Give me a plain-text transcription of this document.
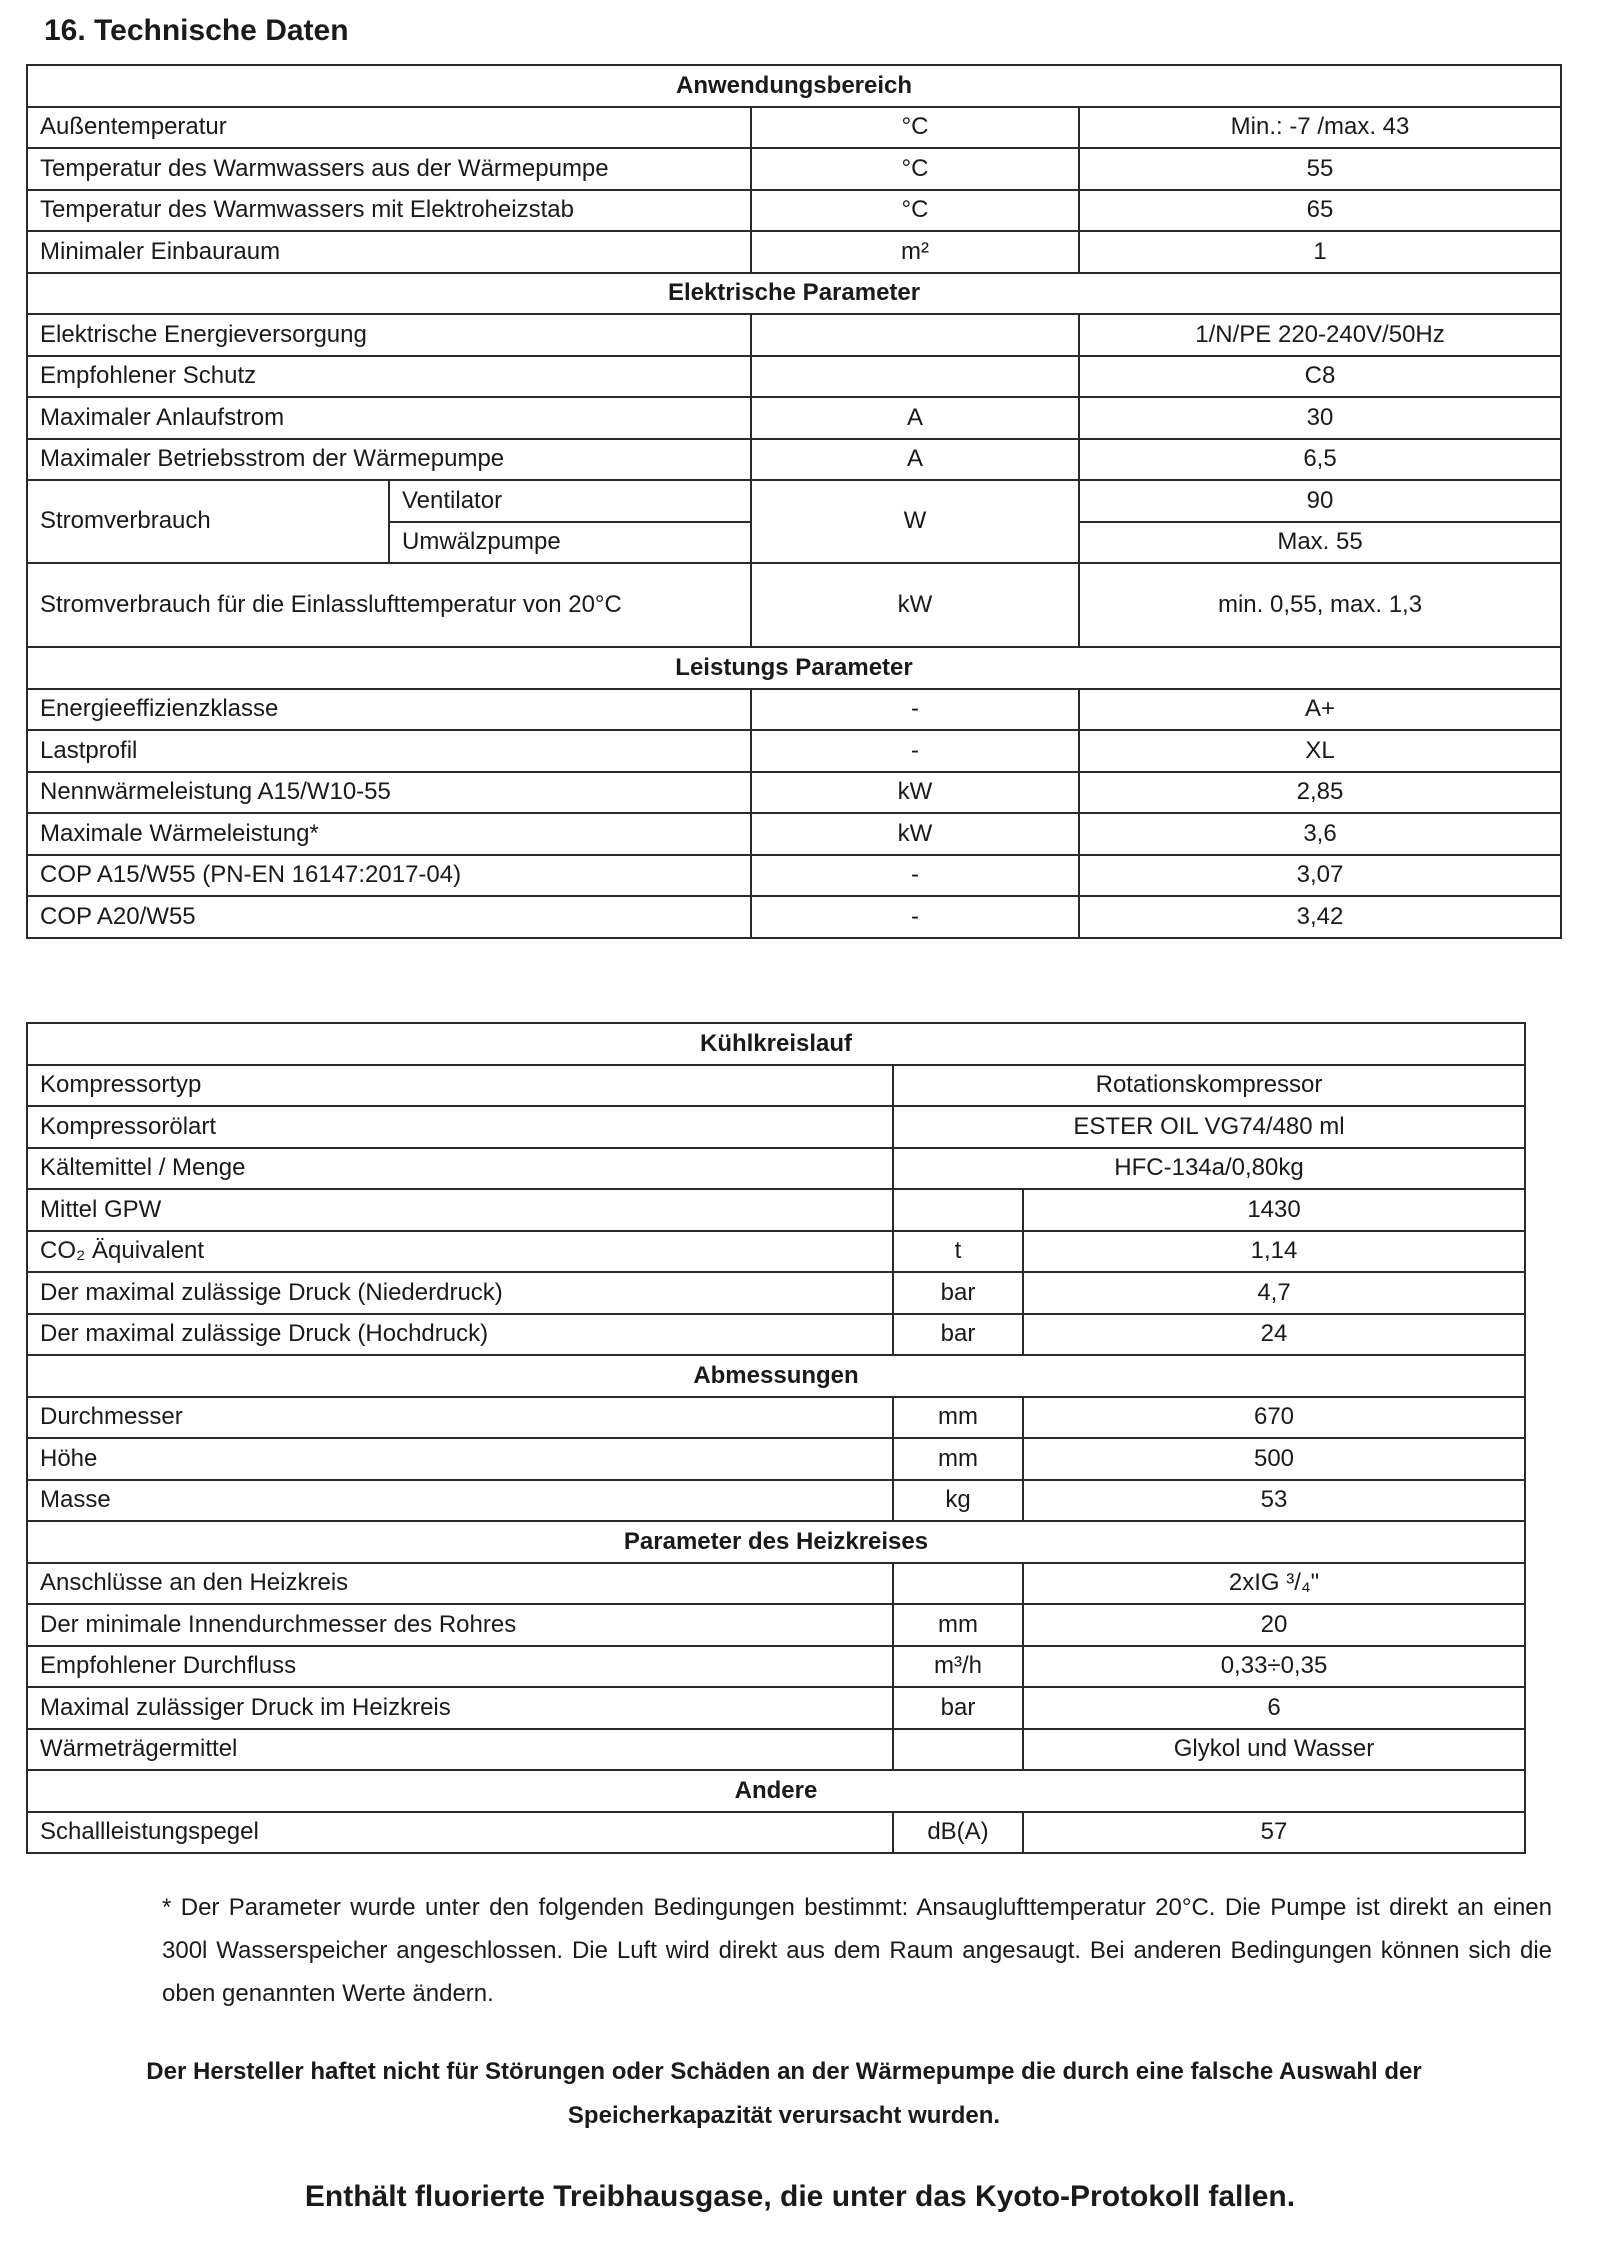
16. Technische Daten
Anwendungsbereich			
Außentemperatur		°C	Min.: -7 /max. 43
Temperatur des Warmwassers aus der Wärmepumpe		°C	55
Temperatur des Warmwassers mit Elektroheizstab		°C	65
Minimaler Einbauraum		m²	1
Elektrische Parameter			
Elektrische Energieversorgung			1/N/PE 220-240V/50Hz
Empfohlener Schutz			C8
Maximaler Anlaufstrom		A	30
Maximaler Betriebsstrom der Wärmepumpe		A	6,5
Stromverbrauch	Ventilator	W	90
	Umwälzpumpe		Max. 55
Stromverbrauch für die Einlasslufttemperatur von 20°C		kW	min. 0,55, max. 1,3
Leistungs Parameter			
Energieeffizienzklasse		-	A+
Lastprofil		-	XL
Nennwärmeleistung A15/W10-55		kW	2,85
Maximale Wärmeleistung*		kW	3,6
COP A15/W55 (PN-EN 16147:2017-04)		-	3,07
COP A20/W55		-	3,42
Kühlkreislauf		
Kompressortyp	Rotationskompressor	
Kompressorölart	ESTER OIL VG74/480 ml	
Kältemittel / Menge	HFC-134a/0,80kg	
Mittel GPW		1430
CO₂ Äquivalent	t	1,14
Der maximal zulässige Druck (Niederdruck)	bar	4,7
Der maximal zulässige Druck (Hochdruck)	bar	24
Abmessungen		
Durchmesser	mm	670
Höhe	mm	500
Masse	kg	53
Parameter des Heizkreises		
Anschlüsse an den Heizkreis		2xIG ³/₄"
Der minimale Innendurchmesser des Rohres	mm	20
Empfohlener Durchfluss	m³/h	0,33÷0,35
Maximal zulässiger Druck im Heizkreis	bar	6
Wärmeträgermittel		Glykol und Wasser
Andere		
Schallleistungspegel	dB(A)	57

* Der Parameter wurde unter den folgenden Bedingungen bestimmt: Ansauglufttemperatur 20°C. Die Pumpe ist direkt an einen 300l Wasserspeicher angeschlossen. Die Luft wird direkt aus dem Raum angesaugt. Bei anderen Bedingungen können sich die oben genannten Werte ändern.

Der Hersteller haftet nicht für Störungen oder Schäden an der Wärmepumpe die durch eine falsche Auswahl der
Speicherkapazität verursacht wurden.

Enthält fluorierte Treibhausgase, die unter das Kyoto-Protokoll fallen.
